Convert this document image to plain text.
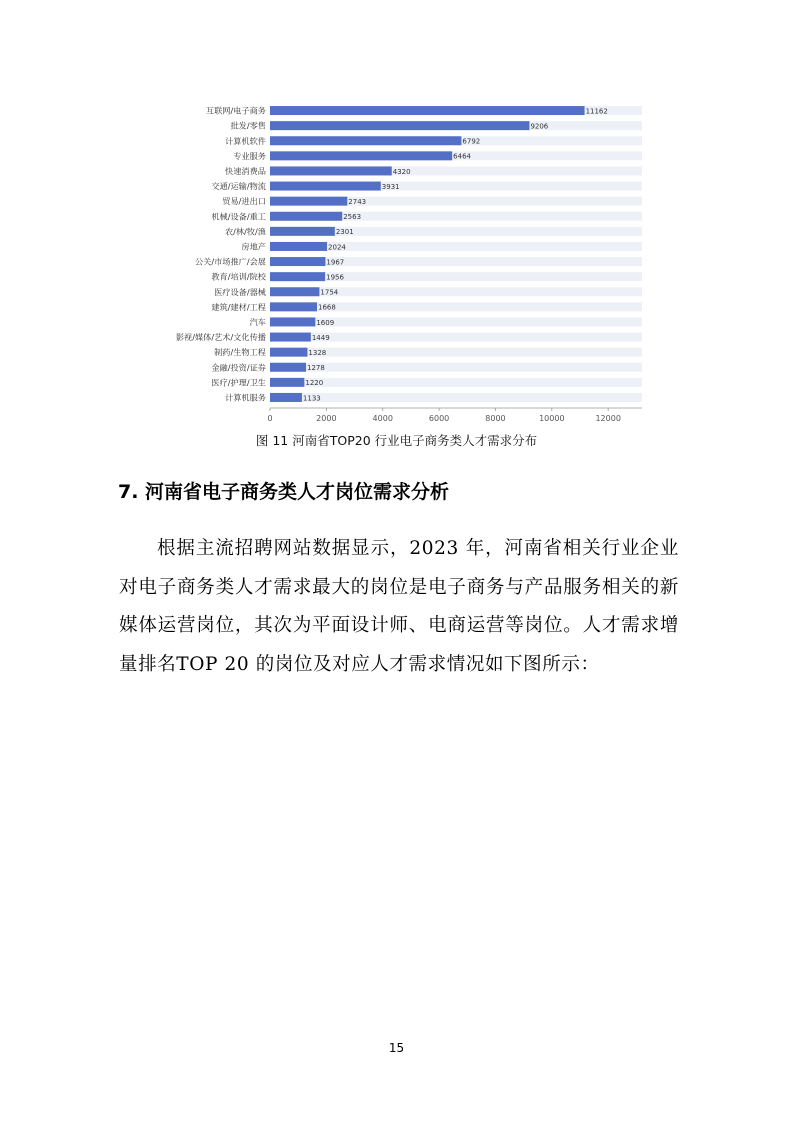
互联网/电子商务	11162
批发/零售	9206
计算机软件	6792
专业服务	6464
快速消费品	4320
交通/运输/物流	3931
贸易/进出口	2743
机械/设备/重工	2563
农/林/牧/渔	2301
房地产	2024
公关/市场推广/会展	1967
教育/培训/院校	1956
医疗设备/器械	1754
建筑/建材/工程	1668
汽车	1609
影视/媒体/艺术/文化传播	1449
制药/生物工程	1328
金融/投资/证券	1278
医疗/护理/卫生	1220
计算机服务	1133
0	2000	4000	6000	8000	10000	12000
图 11 河南省TOP20 行业电子商务类人才需求分布
7. 河南省电子商务类人才岗位需求分析
根据主流招聘网站数据显示，2023 年，河南省相关行业企业对电子商务类人才需求最大的岗位是电子商务与产品服务相关的新媒体运营岗位，其次为平面设计师、电商运营等岗位。人才需求增量排名TOP 20 的岗位及对应人才需求情况如下图所示：
15
